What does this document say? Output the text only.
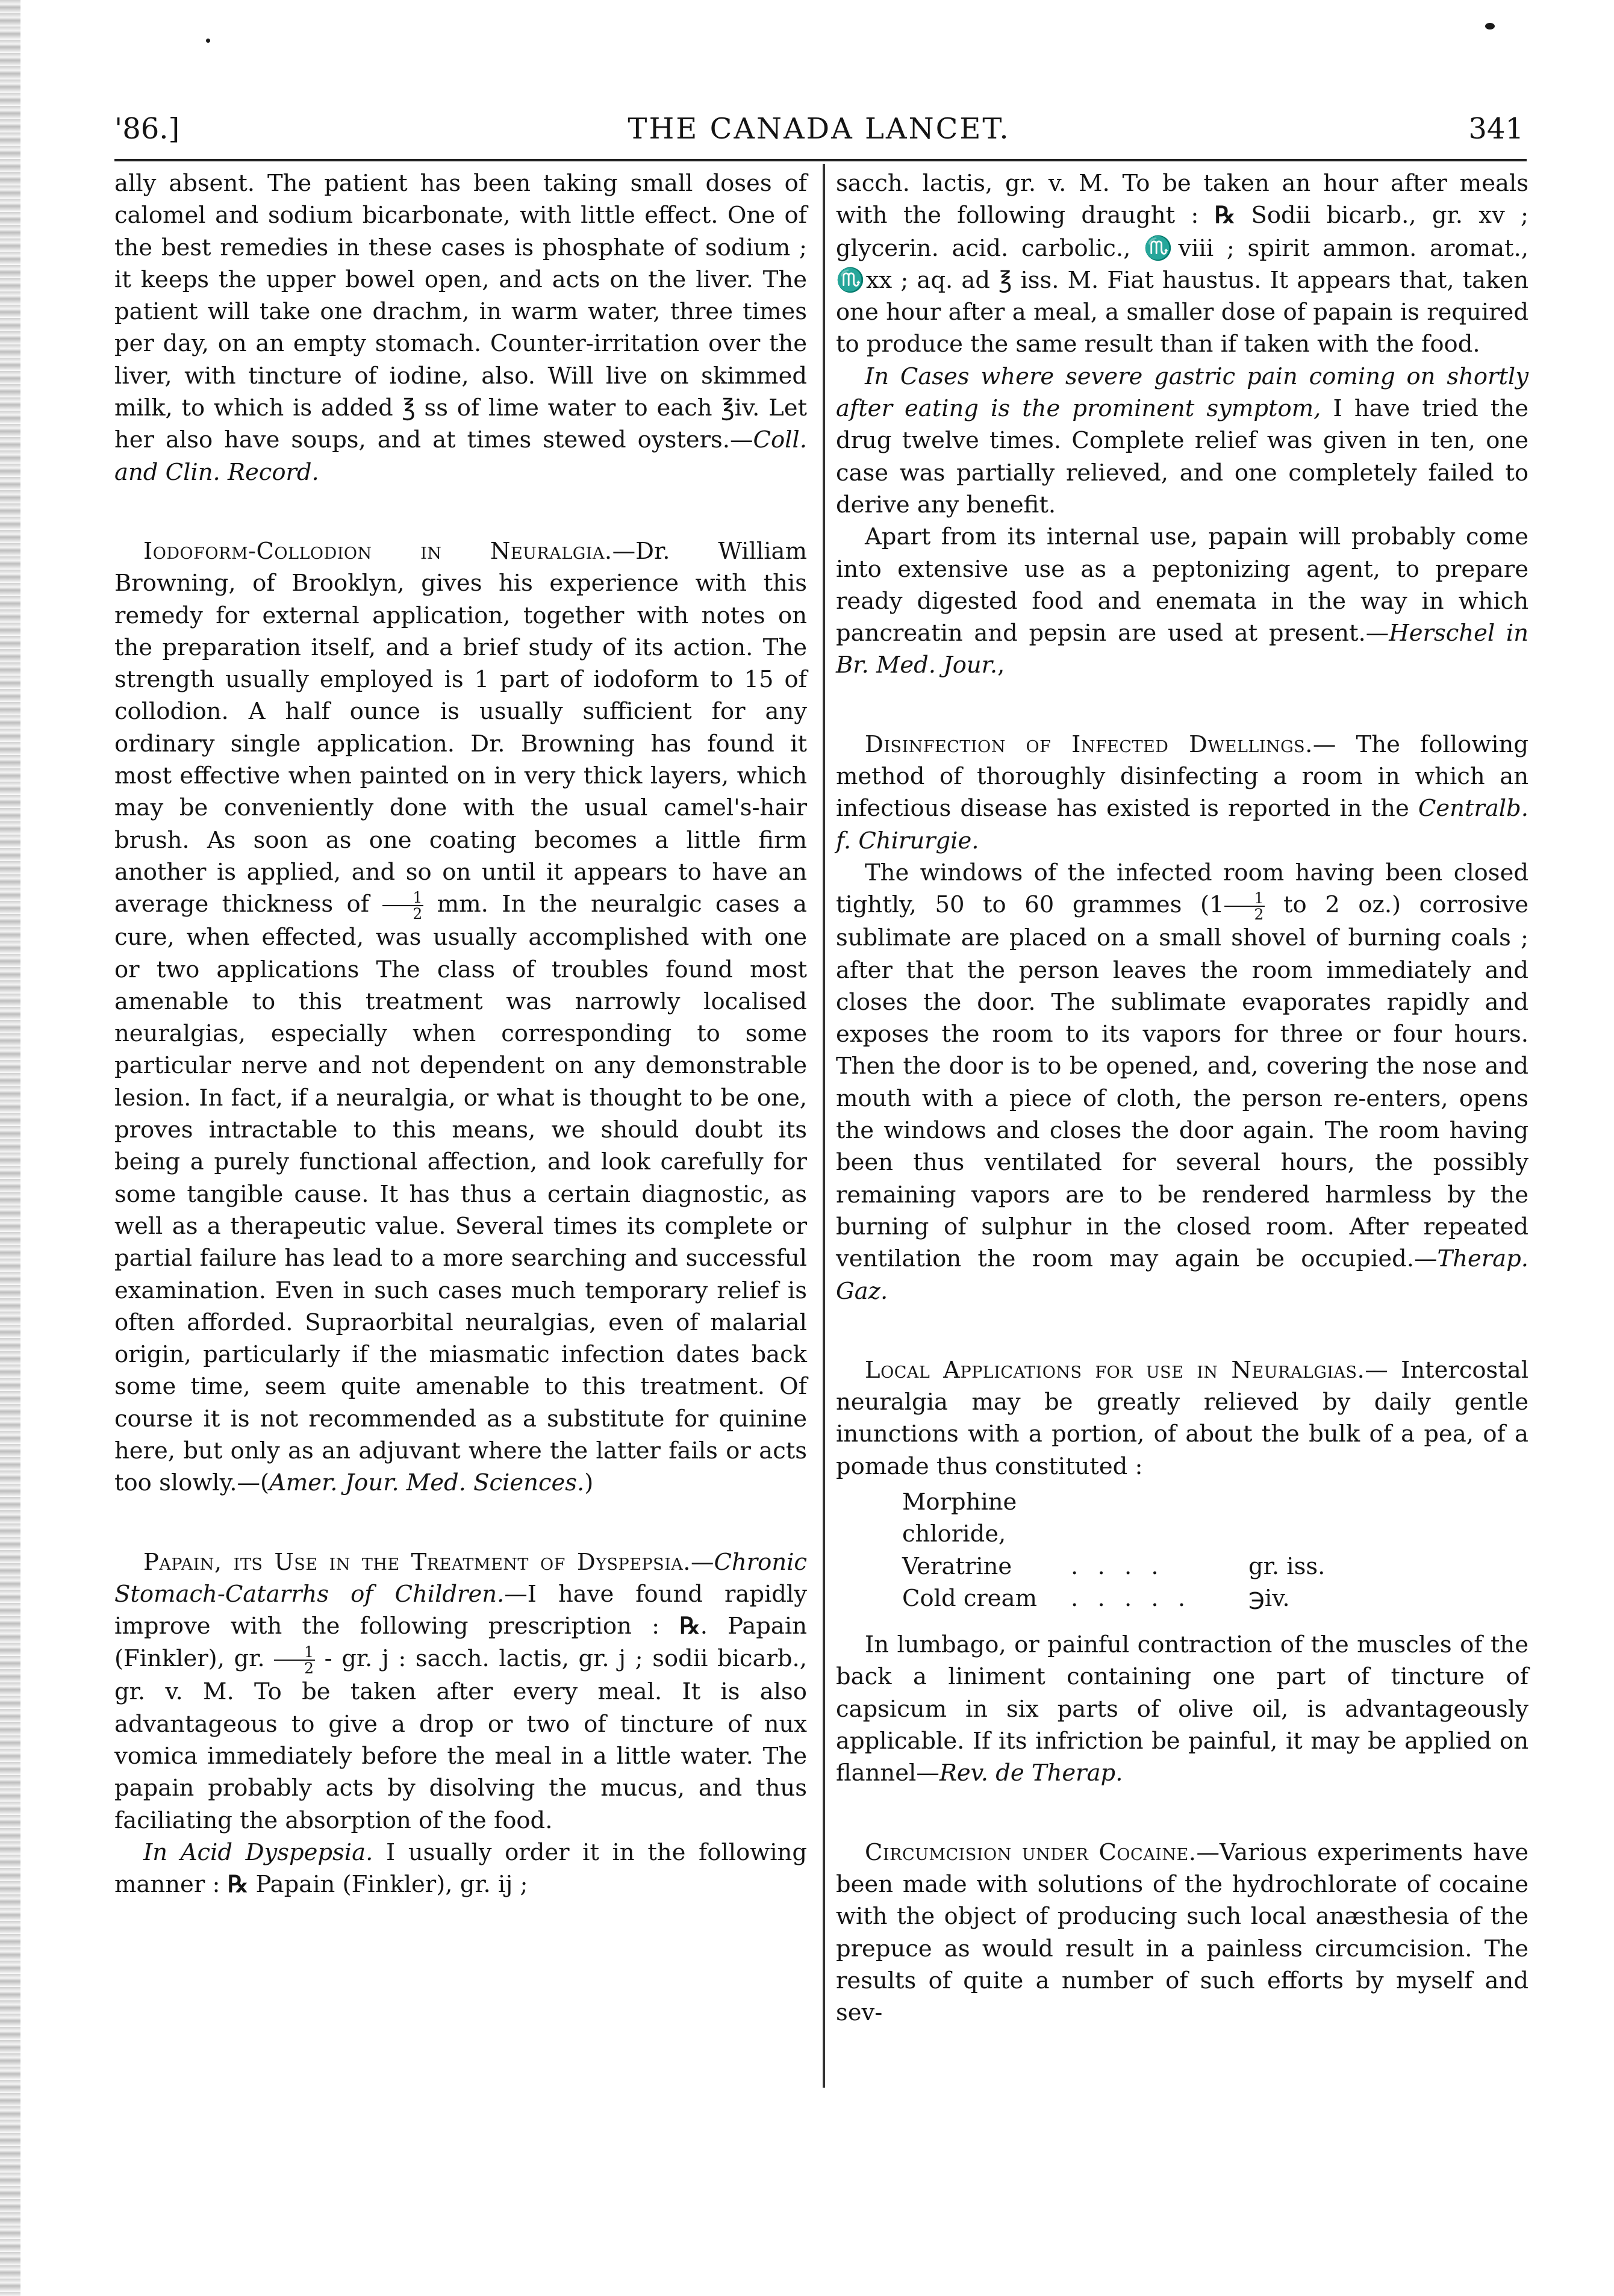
'86.]	THE CANADA LANCET.	341

ally absent. The patient has been taking small doses of calomel and sodium bicarbonate, with little effect. One of the best remedies in these cases is phosphate of sodium ; it keeps the upper bowel open, and acts on the liver. The patient will take one drachm, in warm water, three times per day, on an empty stomach. Counter-irritation over the liver, with tincture of iodine, also. Will live on skimmed milk, to which is added ℥ ss of lime water to each ℥iv. Let her also have soups, and at times stewed oysters.—Coll. and Clin. Record.

Iodoform-Collodion in Neuralgia.—Dr. William Browning, of Brooklyn, gives his experience with this remedy for external application, together with notes on the preparation itself, and a brief study of its action. The strength usually employed is 1 part of iodoform to 15 of collodion. A half ounce is usually sufficient for any ordinary single application. Dr. Browning has found it most effective when painted on in very thick layers, which may be conveniently done with the usual camel's-hair brush. As soon as one coating becomes a little firm another is applied, and so on until it appears to have an average thickness of $\frac{1}{2}$ mm. In the neuralgic cases a cure, when effected, was usually accomplished with one or two applications The class of troubles found most amenable to this treatment was narrowly localised neuralgias, especially when corresponding to some particular nerve and not dependent on any demonstrable lesion. In fact, if a neuralgia, or what is thought to be one, proves intractable to this means, we should doubt its being a purely functional affection, and look carefully for some tangible cause. It has thus a certain diagnostic, as well as a therapeutic value. Several times its complete or partial failure has lead to a more searching and successful examination. Even in such cases much temporary relief is often afforded. Supraorbital neuralgias, even of malarial origin, particularly if the miasmatic infection dates back some time, seem quite amenable to this treatment. Of course it is not recommended as a substitute for quinine here, but only as an adjuvant where the latter fails or acts too slowly.—(Amer. Jour. Med. Sciences.)

Papain, its Use in the Treatment of Dyspepsia.—Chronic Stomach-Catarrhs of Children.—I have found rapidly improve with the following prescription : ℞. Papain (Finkler), gr. $\frac{1}{2}$ - gr. j : sacch. lactis, gr. j ; sodii bicarb., gr. v. M. To be taken after every meal. It is also advantageous to give a drop or two of tincture of nux vomica immediately before the meal in a little water. The papain probably acts by disolving the mucus, and thus faciliating the absorption of the food.

In Acid Dyspepsia. I usually order it in the following manner : ℞ Papain (Finkler), gr. ij ;

sacch. lactis, gr. v. M. To be taken an hour after meals with the following draught : ℞ Sodii bicarb., gr. xv ; glycerin. acid. carbolic., ♏viii ; spirit ammon. aromat., ♏xx ; aq. ad ℥ iss. M. Fiat haustus. It appears that, taken one hour after a meal, a smaller dose of papain is required to produce the same result than if taken with the food.

In Cases where severe gastric pain coming on shortly after eating is the prominent symptom, I have tried the drug twelve times. Complete relief was given in ten, one case was partially relieved, and one completely failed to derive any benefit.

Apart from its internal use, papain will probably come into extensive use as a peptonizing agent, to prepare ready digested food and enemata in the way in which pancreatin and pepsin are used at present.—Herschel in Br. Med. Jour.,

Disinfection of Infected Dwellings.— The following method of thoroughly disinfecting a room in which an infectious disease has existed is reported in the Centralb. f. Chirurgie.

The windows of the infected room having been closed tightly, 50 to 60 grammes ($1 \frac{1}{2}$ to 2 oz.) corrosive sublimate are placed on a small shovel of burning coals ; after that the person leaves the room immediately and closes the door. The sublimate evaporates rapidly and exposes the room to its vapors for three or four hours. Then the door is to be opened, and, covering the nose and mouth with a piece of cloth, the person re-enters, opens the windows and closes the door again. The room having been thus ventilated for several hours, the possibly remaining vapors are to be rendered harmless by the burning of sulphur in the closed room. After repeated ventilation the room may again be occupied.—Therap. Gaz.

Local Applications for use in Neuralgias.— Intercostal neuralgia may be greatly relieved by daily gentle inunctions with a portion, of about the bulk of a pea, of a pomade thus constituted :

Morphine chloride,
Veratrine	. . . .	gr. iss.
Cold cream	. . . . .	℈iv.

In lumbago, or painful contraction of the muscles of the back a liniment containing one part of tincture of capsicum in six parts of olive oil, is advantageously applicable. If its infriction be painful, it may be applied on flannel—Rev. de Therap.

Circumcision under Cocaine.—Various experiments have been made with solutions of the hydrochlorate of cocaine with the object of producing such local anæsthesia of the prepuce as would result in a painless circumcision. The results of quite a number of such efforts by myself and sev-
